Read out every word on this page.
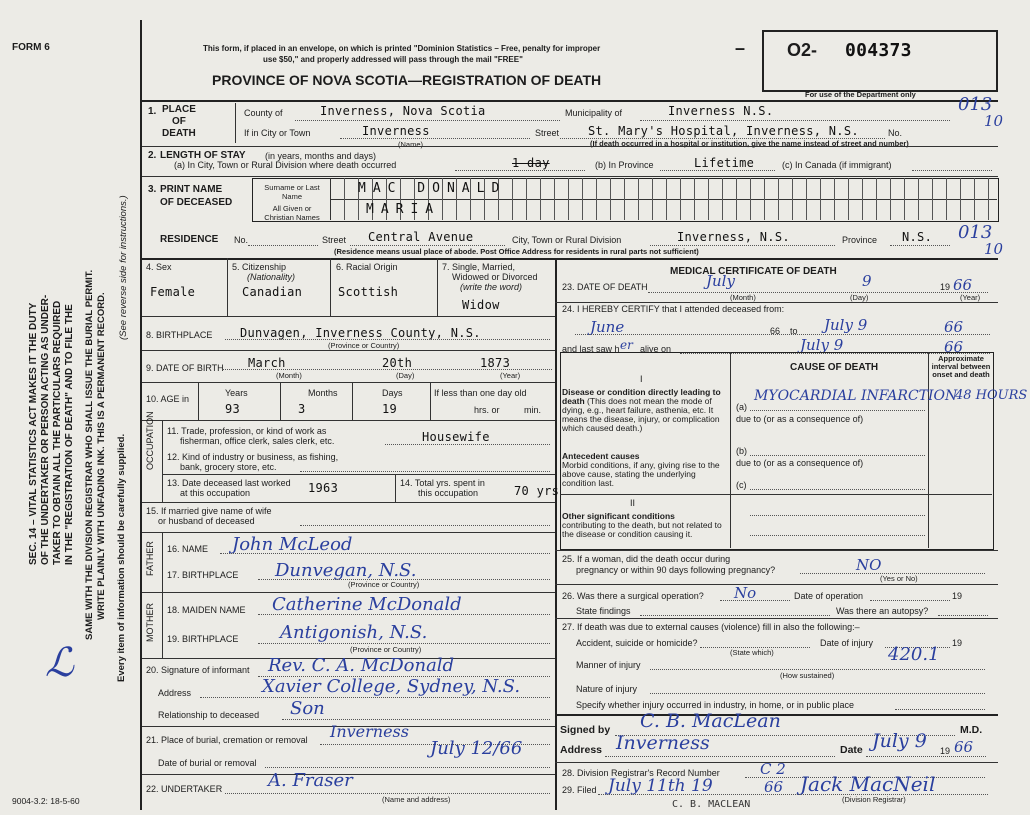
FORM 6
SEC. 14 – VITAL STATISTICS ACT MAKES IT THE DUTY OF THE UNDERTAKER OR PERSON ACTING AS UNDER- TAKER TO OBTAIN ALL THE PARTICULARS REQUIRED IN THE "REGISTRATION OF DEATH" AND TO FILE THE SAME WITH THE DIVISION REGISTRAR WHO SHALL ISSUE THE BURIAL PERMIT. WRITE PLAINLY WITH UNFADING INK. THIS IS A PERMANENT RECORD. Every item of information should be carefully supplied.
(See reverse side for instructions.)
ℒ
This form, if placed in an envelope, on which is printed "Dominion Statistics – Free, penalty for improper
use $50," and properly addressed will pass through the mail "FREE"
PROVINCE OF NOVA SCOTIA—REGISTRATION OF DEATH
– O2- 004373
For use of the Department only
1. PLACE
OF
DEATH
County of	Inverness, Nova Scotia	Municipality of	Inverness N.S.	013
10
If in City or Town	Inverness
(Name)
Street St. Mary's Hospital, Inverness, N.S.	No.
(If death occurred in a hospital or institution, give the name instead of street and number)
2. LENGTH OF STAY (in years, months and days)
(a) In City, Town or Rural Division where death occurred	1 day	(b) In Province	Lifetime	(c) In Canada (if immigrant)
3. PRINT NAME
OF DECEASED
Surname or Last Name
All Given or Christian Names
MAC DONALD
MARIA
RESIDENCE No.	Street Central Avenue	City, Town or Rural Division	Inverness, N.S.	Province N.S. 013
10
(Residence means usual place of abode. Post Office Address for residents in rural parts not sufficient)
4. Sex
Female
5. Citizenship
(Nationality)
Canadian
6. Racial Origin
Scottish
7. Single, Married,
Widowed or Divorced
(write the word)
Widow
8. BIRTHPLACE Dunvagen, Inverness County, N.S.
(Province or Country)
9. DATE OF BIRTH March	20th	1873
(Month)	(Day)	(Year)
10. AGE in
Years
93
Months
3
Days
19
If less than one day old
hrs. or	min.
OCCUPATION 11. Trade, profession, or kind of work as
fisherman, office clerk, sales clerk, etc.	Housewife
12. Kind of industry or business, as fishing,
bank, grocery store, etc.
13. Date deceased last worked
at this occupation	1963	14. Total yrs. spent in
this occupation	70 yrs
15. If married give name of wife
or husband of deceased
FATHER 16. NAME John McLeod
17. BIRTHPLACE Dunvegan, N.S.
(Province or Country)
MOTHER 18. MAIDEN NAME Catherine McDonald
19. BIRTHPLACE Antigonish, N.S.
(Province or Country)
20. Signature of informant Rev. C. A. McDonald
Address	Xavier College, Sydney, N.S.
Relationship to deceased Son
21. Place of burial, cremation or removal Inverness
Date of burial or removal
July 12/66
22. UNDERTAKER	A. Fraser
(Name and address)
MEDICAL CERTIFICATE OF DEATH
23. DATE OF DEATH	July	9	19 66
(Month)	(Day)	(Year)
24. I HEREBY CERTIFY that I attended deceased from:
June	66 to July 9	66
and last saw h er alive on	July 9	66
CAUSE OF DEATH
Approximate interval between onset and death
I
Disease or condition directly leading to death (This does not mean the mode of dying, e.g., heart failure, asthenia, etc. It means the disease, injury, or complication which caused death.)
(a)
MYOCARDIAL INFARCTION
48 HOURS
due to (or as a consequence of)
Antecedent causes
Morbid conditions, if any, giving rise to the above cause, stating the underlying condition last.
(b)
due to (or as a consequence of)
(c)
II
Other significant conditions
contributing to the death, but not related to the disease or condition causing it.
25. If a woman, did the death occur during
pregnancy or within 90 days following pregnancy?	NO
(Yes or No)
26. Was there a surgical operation? No	Date of operation	19
State findings	Was there an autopsy?
27. If death was due to external causes (violence) fill in also the following:–
Accident, suicide or homicide?
(State which)
Date of injury	19
420.1
Manner of injury
(How sustained)
Nature of injury
Specify whether injury occurred in industry, in home, or in public place
Signed by C. B. MacLean	M.D.
Address Inverness	Date July 9 19 66
28. Division Registrar's Record Number	C 2
29. Filed July 11th 19	66 Jack MacNeil
(Division Registrar)
C. B. MACLEAN
9004-3.2: 18-5-60
